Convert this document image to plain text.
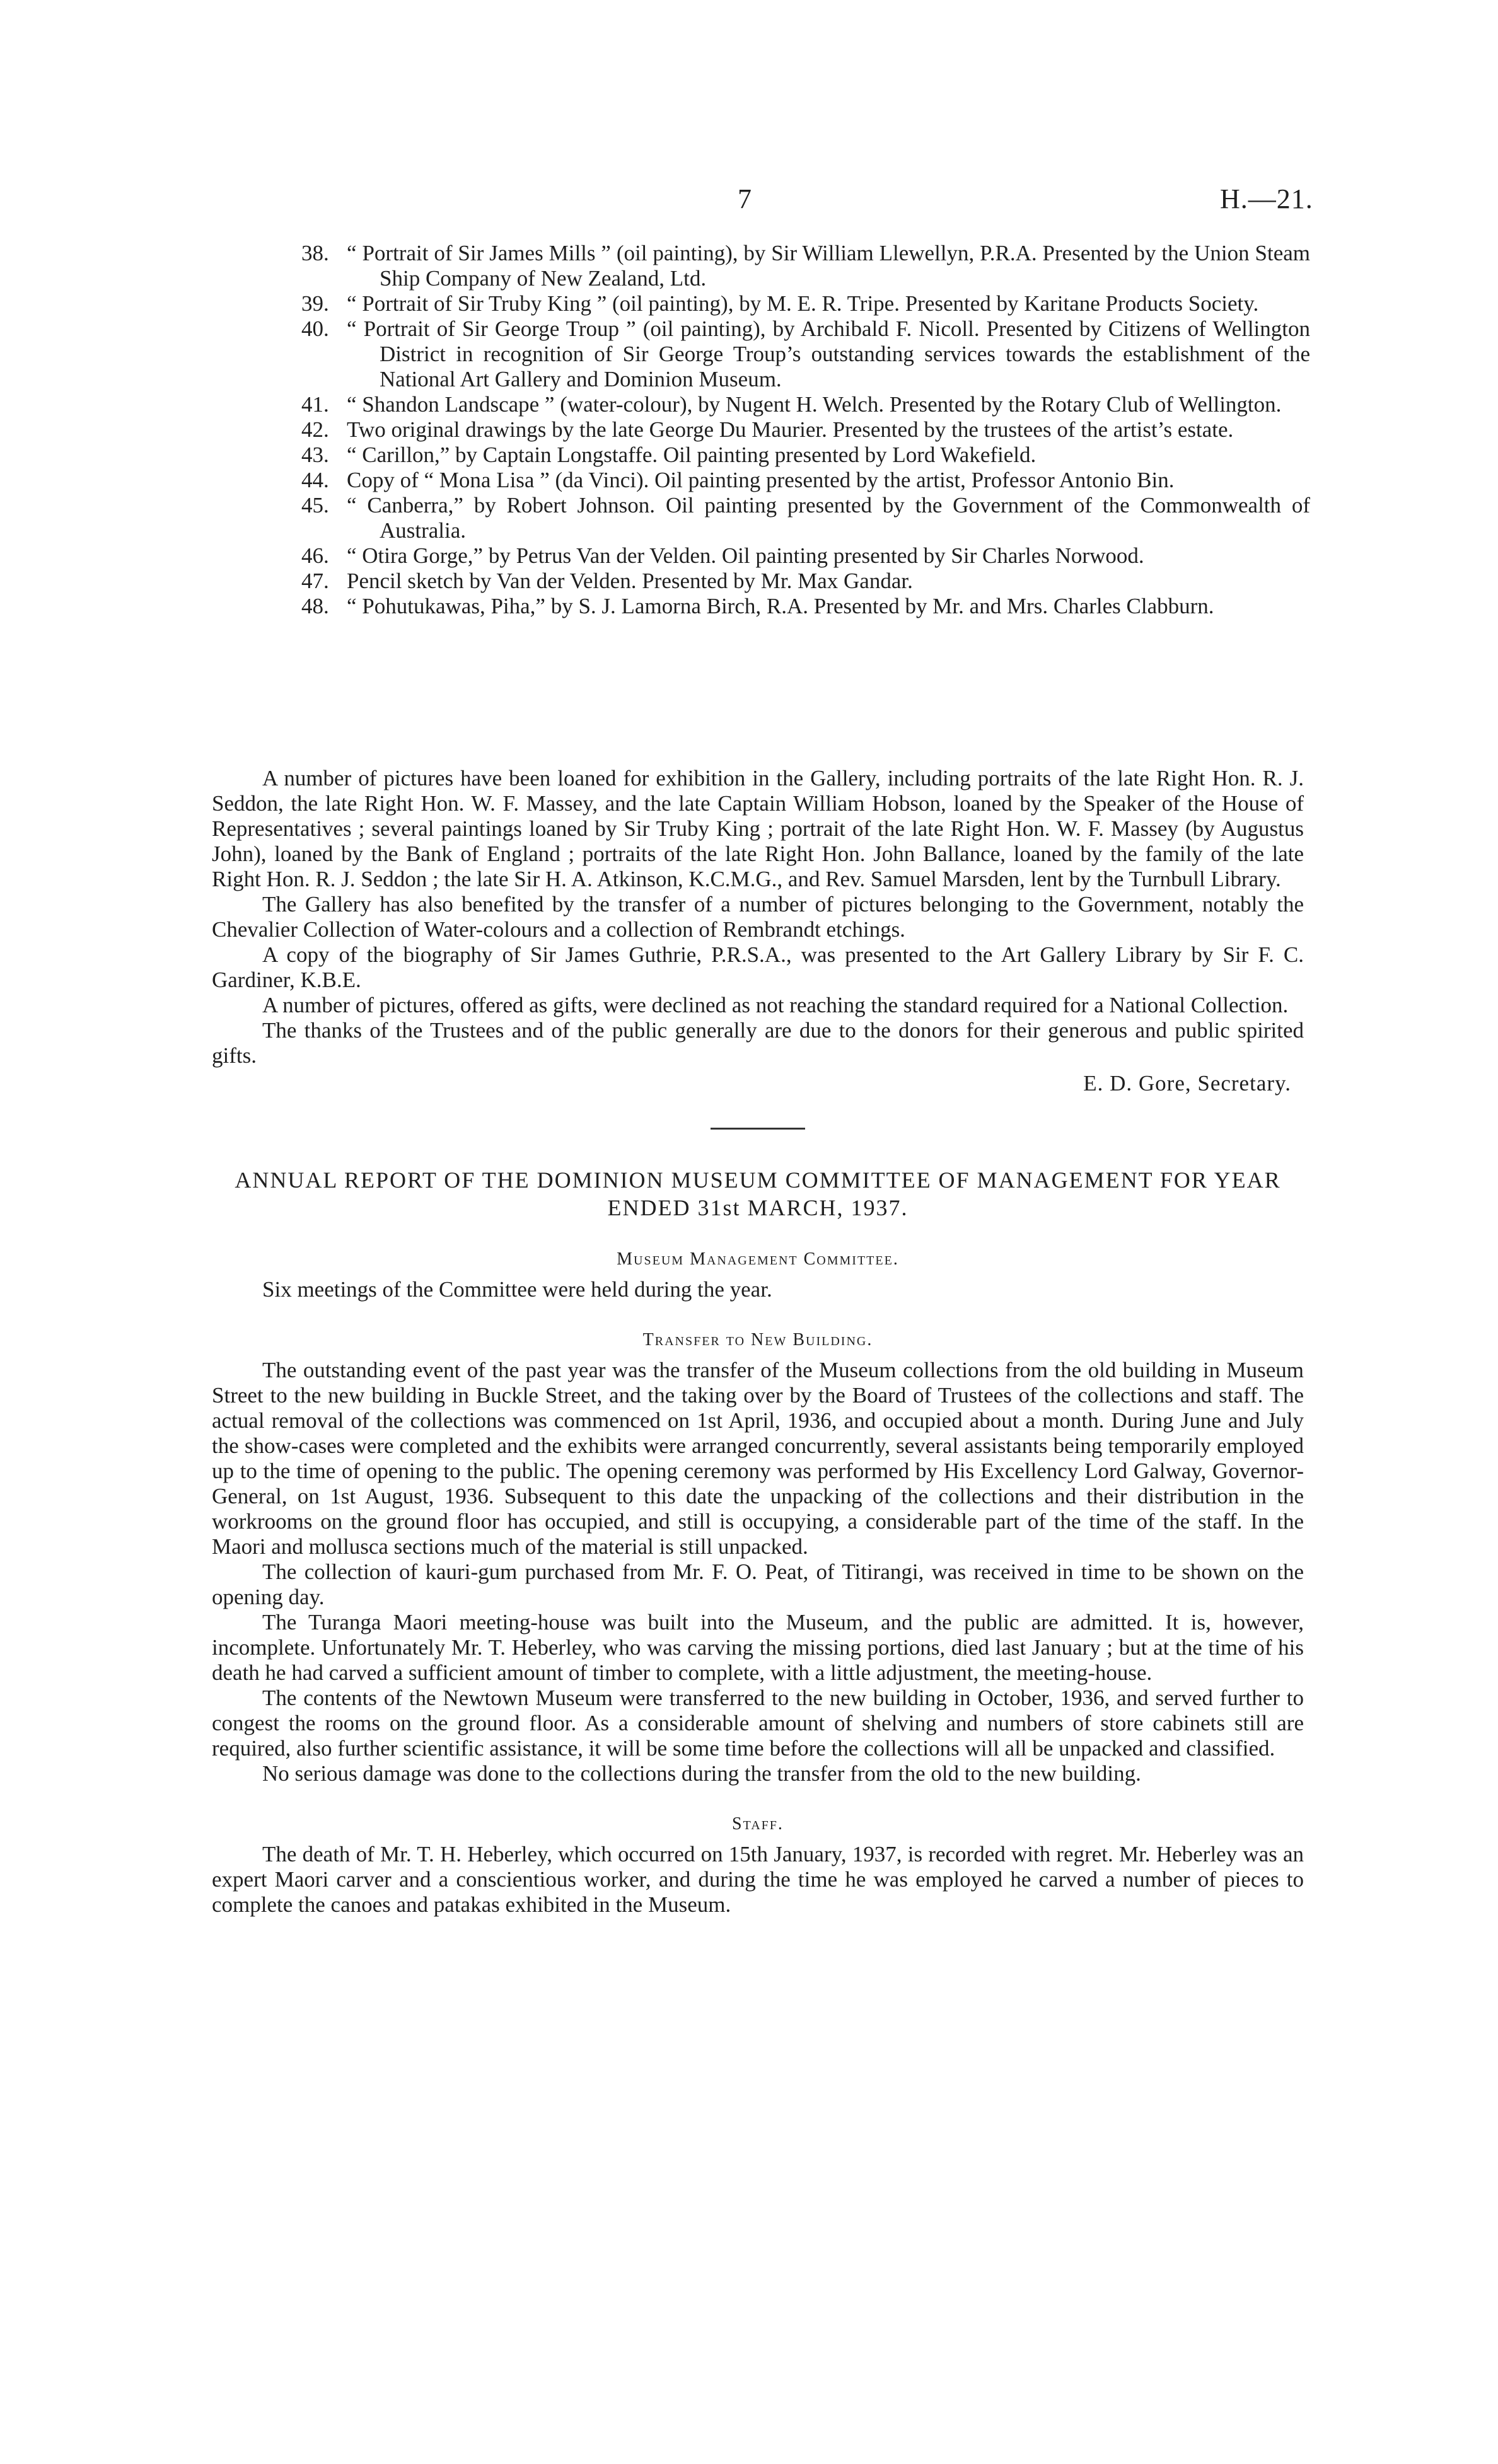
7	H.—21.

38. “ Portrait of Sir James Mills ” (oil painting), by Sir William Llewellyn, P.R.A. Presented by the Union Steam Ship Company of New Zealand, Ltd.

39. “ Portrait of Sir Truby King ” (oil painting), by M. E. R. Tripe. Presented by Karitane Products Society.

40. “ Portrait of Sir George Troup ” (oil painting), by Archibald F. Nicoll. Presented by Citizens of Wellington District in recognition of Sir George Troup’s outstanding services towards the establishment of the National Art Gallery and Dominion Museum.

41. “ Shandon Landscape ” (water-colour), by Nugent H. Welch. Presented by the Rotary Club of Wellington.

42. Two original drawings by the late George Du Maurier. Presented by the trustees of the artist’s estate.

43. “ Carillon,” by Captain Longstaffe. Oil painting presented by Lord Wakefield.

44. Copy of “ Mona Lisa ” (da Vinci). Oil painting presented by the artist, Professor Antonio Bin.

45. “ Canberra,” by Robert Johnson. Oil painting presented by the Government of the Commonwealth of Australia.

46. “ Otira Gorge,” by Petrus Van der Velden. Oil painting presented by Sir Charles Norwood.

47. Pencil sketch by Van der Velden. Presented by Mr. Max Gandar.

48. “ Pohutukawas, Piha,” by S. J. Lamorna Birch, R.A. Presented by Mr. and Mrs. Charles Clabburn.

A number of pictures have been loaned for exhibition in the Gallery, including portraits of the late Right Hon. R. J. Seddon, the late Right Hon. W. F. Massey, and the late Captain William Hobson, loaned by the Speaker of the House of Representatives ; several paintings loaned by Sir Truby King ; portrait of the late Right Hon. W. F. Massey (by Augustus John), loaned by the Bank of England ; portraits of the late Right Hon. John Ballance, loaned by the family of the late Right Hon. R. J. Seddon ; the late Sir H. A. Atkinson, K.C.M.G., and Rev. Samuel Marsden, lent by the Turnbull Library.

The Gallery has also benefited by the transfer of a number of pictures belonging to the Government, notably the Chevalier Collection of Water-colours and a collection of Rembrandt etchings.

A copy of the biography of Sir James Guthrie, P.R.S.A., was presented to the Art Gallery Library by Sir F. C. Gardiner, K.B.E.

A number of pictures, offered as gifts, were declined as not reaching the standard required for a National Collection.

The thanks of the Trustees and of the public generally are due to the donors for their generous and public spirited gifts.

E. D. Gore, Secretary.

ANNUAL REPORT OF THE DOMINION MUSEUM COMMITTEE OF MANAGEMENT FOR YEAR ENDED 31st MARCH, 1937.

Museum Management Committee.

Six meetings of the Committee were held during the year.

Transfer to New Building.

The outstanding event of the past year was the transfer of the Museum collections from the old building in Museum Street to the new building in Buckle Street, and the taking over by the Board of Trustees of the collections and staff. The actual removal of the collections was commenced on 1st April, 1936, and occupied about a month. During June and July the show-cases were completed and the exhibits were arranged concurrently, several assistants being temporarily employed up to the time of opening to the public. The opening ceremony was performed by His Excellency Lord Galway, Governor-General, on 1st August, 1936. Subsequent to this date the unpacking of the collections and their distribution in the workrooms on the ground floor has occupied, and still is occupying, a considerable part of the time of the staff. In the Maori and mollusca sections much of the material is still unpacked.

The collection of kauri-gum purchased from Mr. F. O. Peat, of Titirangi, was received in time to be shown on the opening day.

The Turanga Maori meeting-house was built into the Museum, and the public are admitted. It is, however, incomplete. Unfortunately Mr. T. Heberley, who was carving the missing portions, died last January ; but at the time of his death he had carved a sufficient amount of timber to complete, with a little adjustment, the meeting-house.

The contents of the Newtown Museum were transferred to the new building in October, 1936, and served further to congest the rooms on the ground floor. As a considerable amount of shelving and numbers of store cabinets still are required, also further scientific assistance, it will be some time before the collections will all be unpacked and classified.

No serious damage was done to the collections during the transfer from the old to the new building.

Staff.

The death of Mr. T. H. Heberley, which occurred on 15th January, 1937, is recorded with regret. Mr. Heberley was an expert Maori carver and a conscientious worker, and during the time he was employed he carved a number of pieces to complete the canoes and patakas exhibited in the Museum.
